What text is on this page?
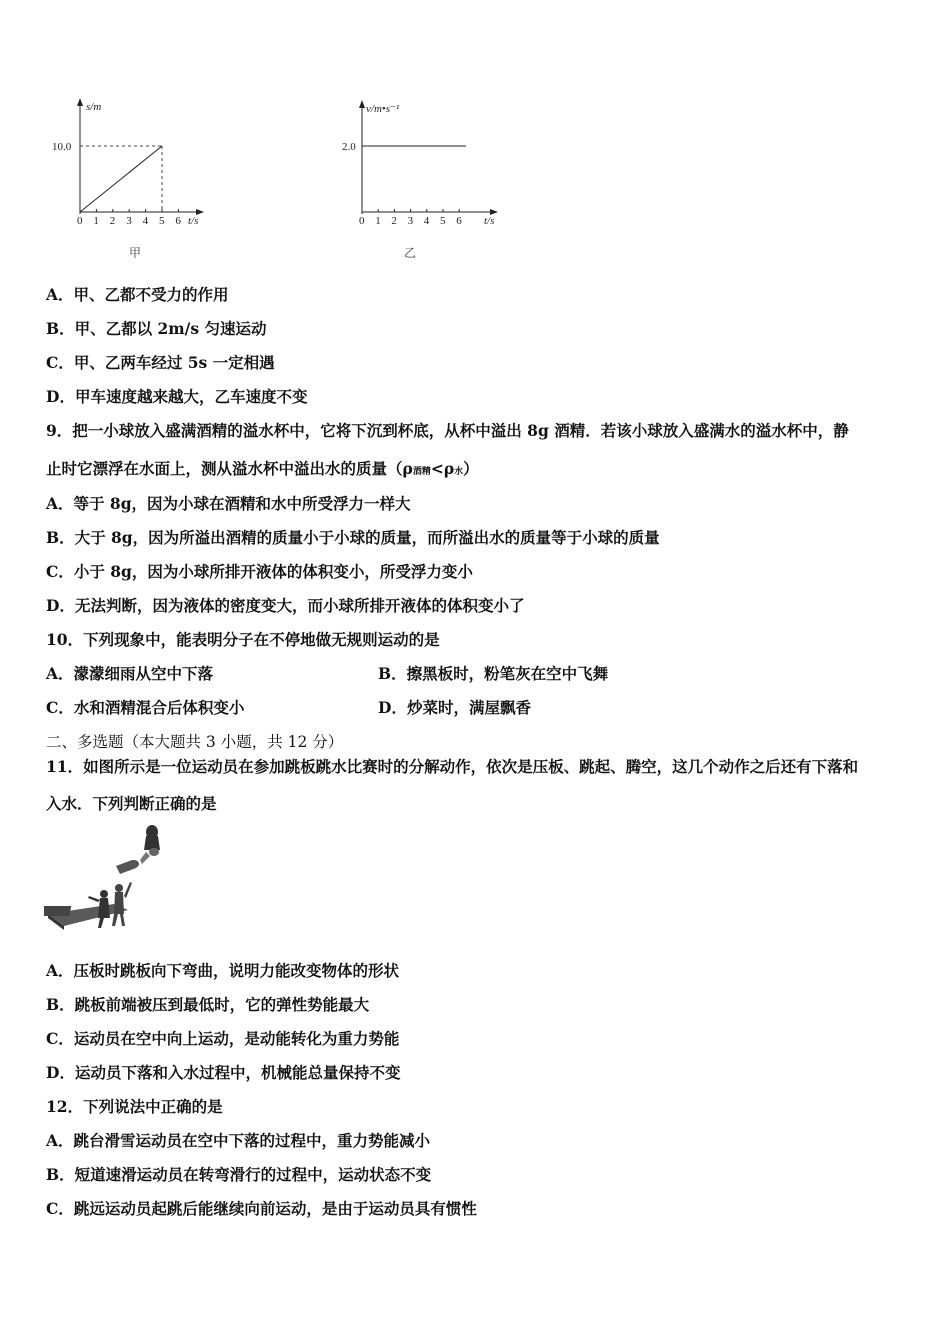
0 1 2 3 4 5 6
s/m
10.0
t/s
甲
0 1 2 3 4 5 6
v/m•s⁻¹
2.0
t/s
乙
A．甲、乙都不受力的作用
B．甲、乙都以 2m/s 匀速运动
C．甲、乙两车经过 5s 一定相遇
D．甲车速度越来越大，乙车速度不变
9．把一小球放入盛满酒精的溢水杯中，它将下沉到杯底，从杯中溢出 8g 酒精．若该小球放入盛满水的溢水杯中，静
止时它漂浮在水面上，测从溢水杯中溢出水的质量（ρ酒精<ρ水）
A．等于 8g，因为小球在酒精和水中所受浮力一样大
B．大于 8g，因为所溢出酒精的质量小于小球的质量，而所溢出水的质量等于小球的质量
C．小于 8g，因为小球所排开液体的体积变小，所受浮力变小
D．无法判断，因为液体的密度变大，而小球所排开液体的体积变小了
10．下列现象中，能表明分子在不停地做无规则运动的是
A．濛濛细雨从空中下落	B．擦黑板时，粉笔灰在空中飞舞
C．水和酒精混合后体积变小	D．炒菜时，满屋飘香
二、多选题（本大题共 3 小题，共 12 分）
11．如图所示是一位运动员在参加跳板跳水比赛时的分解动作，依次是压板、跳起、腾空，这几个动作之后还有下落和
入水．下列判断正确的是
A．压板时跳板向下弯曲，说明力能改变物体的形状
B．跳板前端被压到最低时，它的弹性势能最大
C．运动员在空中向上运动，是动能转化为重力势能
D．运动员下落和入水过程中，机械能总量保持不变
12．下列说法中正确的是
A．跳台滑雪运动员在空中下落的过程中，重力势能减小
B．短道速滑运动员在转弯滑行的过程中，运动状态不变
C．跳远运动员起跳后能继续向前运动，是由于运动员具有惯性
